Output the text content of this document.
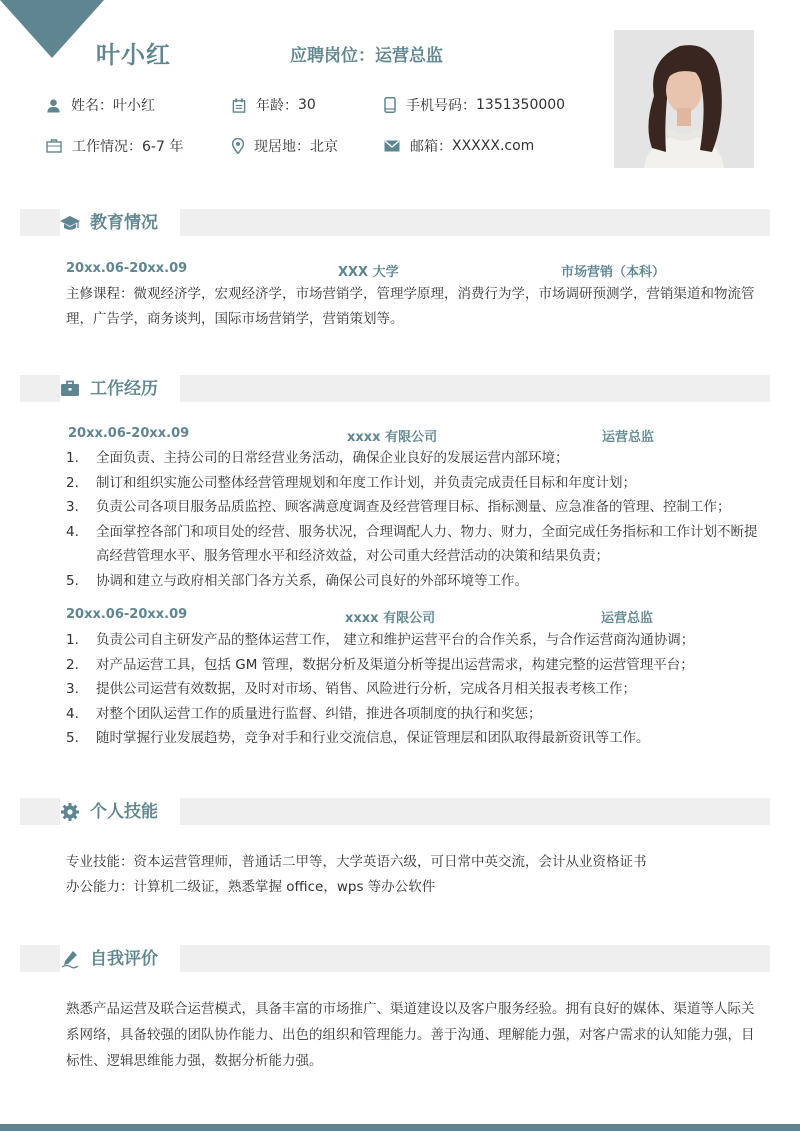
叶小红	应聘岗位：运营总监
姓名： 叶小红	年龄： 30	手机号码： 1351350000
工作情况： 6-7 年	现居地： 北京	邮箱： XXXXX.com
教育情况
20xx.06-20xx.09	XXX 大学	市场营销（本科）

主修课程：微观经济学，宏观经济学，市场营销学，管理学原理，消费行为学，市场调研预测学，营销渠道和物流管理，广告学，商务谈判，国际市场营销学，营销策划等。

工作经历
20xx.06-20xx.09	xxxx 有限公司	运营总监
1. 全面负责、主持公司的日常经营业务活动，确保企业良好的发展运营内部环境；
2. 制订和组织实施公司整体经营管理规划和年度工作计划，并负责完成责任目标和年度计划；
3. 负责公司各项目服务品质监控、顾客满意度调查及经营管理目标、指标测量、应急准备的管理、控制工作；
4. 全面掌控各部门和项目处的经营、服务状况，合理调配人力、物力、财力，全面完成任务指标和工作计划不断提高经营管理水平、服务管理水平和经济效益，对公司重大经营活动的决策和结果负责；
5. 协调和建立与政府相关部门各方关系，确保公司良好的外部环境等工作。
20xx.06-20xx.09	xxxx 有限公司	运营总监
1. 负责公司自主研发产品的整体运营工作， 建立和维护运营平台的合作关系，与合作运营商沟通协调；
2. 对产品运营工具，包括 GM 管理，数据分析及渠道分析等提出运营需求，构建完整的运营管理平台；
3. 提供公司运营有效数据，及时对市场、销售、风险进行分析，完成各月相关报表考核工作；
4. 对整个团队运营工作的质量进行监督、纠错，推进各项制度的执行和奖惩；
5. 随时掌握行业发展趋势，竞争对手和行业交流信息，保证管理层和团队取得最新资讯等工作。
个人技能

专业技能：资本运营管理师，普通话二甲等，大学英语六级，可日常中英交流，会计从业资格证书

办公能力：计算机二级证，熟悉掌握 office，wps 等办公软件

自我评价

熟悉产品运营及联合运营模式，具备丰富的市场推广、渠道建设以及客户服务经验。拥有良好的媒体、渠道等人际关系网络，具备较强的团队协作能力、出色的组织和管理能力。善于沟通、理解能力强，对客户需求的认知能力强，目标性、逻辑思维能力强，数据分析能力强。
